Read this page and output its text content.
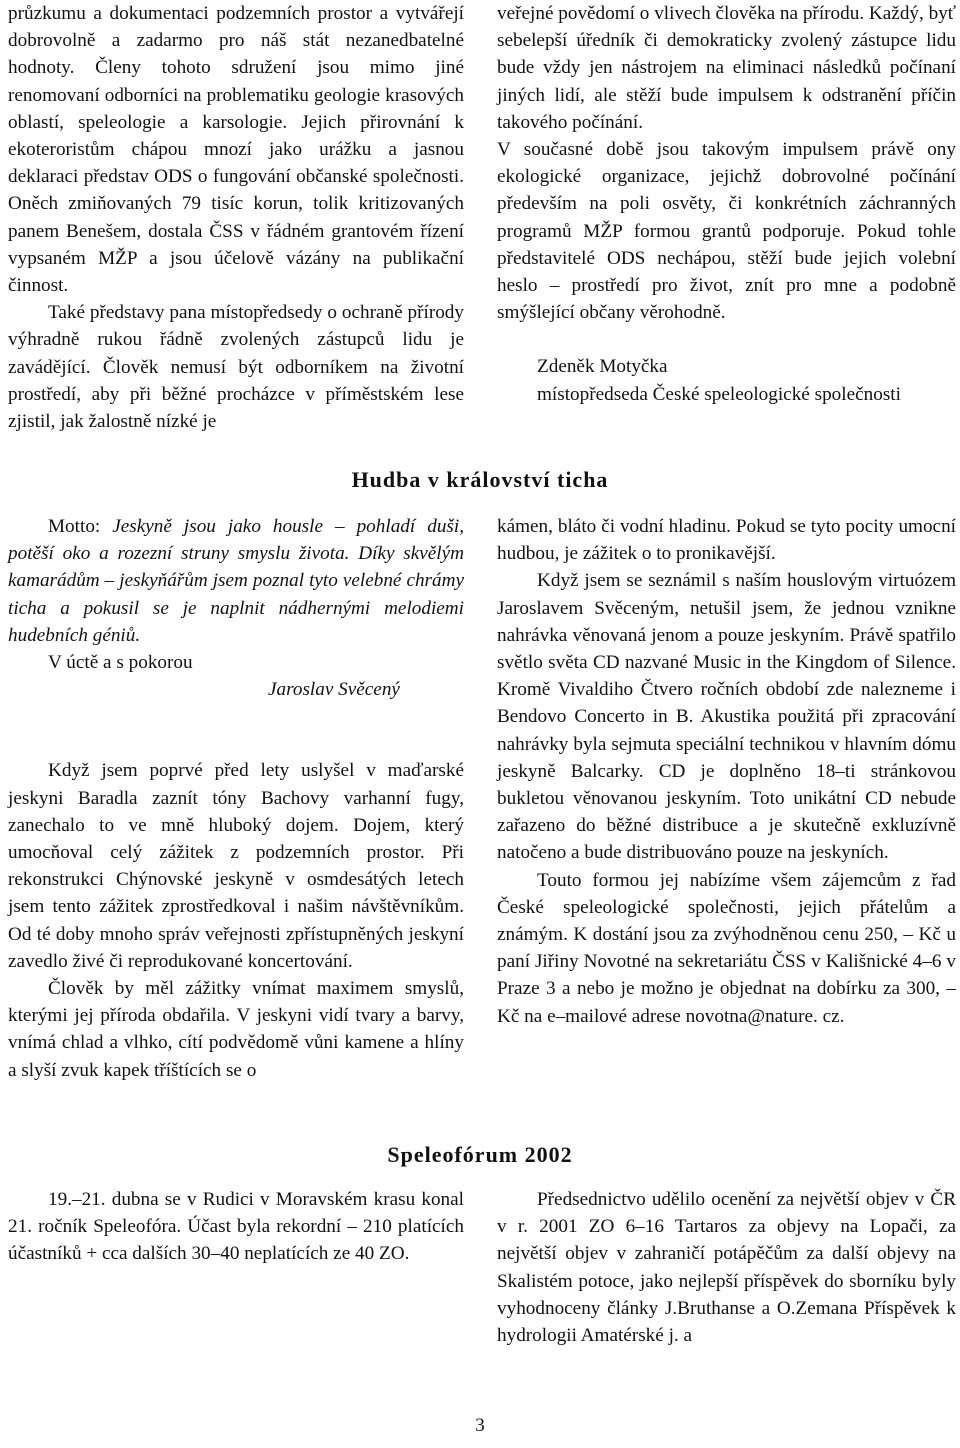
průzkumu a dokumentaci podzemních prostor a vytvářejí dobrovolně a zadarmo pro náš stát nezanedbatelné hodnoty. Členy tohoto sdružení jsou mimo jiné renomovaní odborníci na problematiku geologie krasových oblastí, speleologie a karsologie. Jejich přirovnání k ekoteroristům chápou mnozí jako urážku a jasnou deklaraci představ ODS o fungování občanské společnosti. Oněch zmiňovaných 79 tisíc korun, tolik kritizovaných panem Benešem, dostala ČSS v řádném grantovém řízení vypsaném MŽP a jsou účelově vázány na publikační činnost.

Také představy pana místopředsedy o ochraně přírody výhradně rukou řádně zvolených zástupců lidu je zavádějící. Člověk nemusí být odborníkem na životní prostředí, aby při běžné procházce v příměstském lese zjistil, jak žalostně nízké je

veřejné povědomí o vlivech člověka na přírodu. Každý, byť sebelepší úředník či demokraticky zvolený zástupce lidu bude vždy jen nástrojem na eliminaci následků počínaní jiných lidí, ale stěží bude impulsem k odstranění příčin takového počínání.

V současné době jsou takovým impulsem právě ony ekologické organizace, jejichž dobrovolné počínání především na poli osvěty, či konkrétních záchranných programů MŽP formou grantů podporuje. Pokud tohle představitelé ODS nechápou, stěží bude jejich volební heslo – prostředí pro život, znít pro mne a podobně smýšlející občany věrohodně.

Zdeněk Motyčka
místopředseda České speleologické společnosti
Hudba v království ticha

Motto: Jeskyně jsou jako housle – pohladí duši, potěší oko a rozezní struny smyslu života. Díky skvělým kamarádům – jeskyňářům jsem poznal tyto velebné chrámy ticha a pokusil se je naplnit nádhernými melodiemi hudebních géniů.

V úctě a s pokorou

Jaroslav Svěcený

Když jsem poprvé před lety uslyšel v maďarské jeskyni Baradla zaznít tóny Bachovy varhanní fugy, zanechalo to ve mně hluboký dojem. Dojem, který umocňoval celý zážitek z podzemních prostor. Při rekonstrukci Chýnovské jeskyně v osmdesátých letech jsem tento zážitek zprostředkoval i našim návštěvníkům. Od té doby mnoho správ veřejnosti zpřístupněných jeskyní zavedlo živé či reprodukované koncertování.

Člověk by měl zážitky vnímat maximem smyslů, kterými jej příroda obdařila. V jeskyni vidí tvary a barvy, vnímá chlad a vlhko, cítí podvědomě vůni kamene a hlíny a slyší zvuk kapek tříštících se o

kámen, bláto či vodní hladinu. Pokud se tyto pocity umocní hudbou, je zážitek o to pronikavější.

Když jsem se seznámil s naším houslovým virtuózem Jaroslavem Svěceným, netušil jsem, že jednou vznikne nahrávka věnovaná jenom a pouze jeskyním. Právě spatřilo světlo světa CD nazvané Music in the Kingdom of Silence. Kromě Vivaldiho Čtvero ročních období zde nalezneme i Bendovo Concerto in B. Akustika použitá při zpracování nahrávky byla sejmuta speciální technikou v hlavním dómu jeskyně Balcarky. CD je doplněno 18–ti stránkovou bukletou věnovanou jeskyním. Toto unikátní CD nebude zařazeno do běžné distribuce a je skutečně exkluzívně natočeno a bude distribuováno pouze na jeskyních.

Touto formou jej nabízíme všem zájemcům z řad České speleologické společnosti, jejich přátelům a známým. K dostání jsou za zvýhodněnou cenu 250, – Kč u paní Jiřiny Novotné na sekretariátu ČSS v Kališnické 4–6 v Praze 3 a nebo je možno je objednat na dobírku za 300, – Kč na e–mailové adrese novotna@nature. cz.

Speleofórum 2002

19.–21. dubna se v Rudici v Moravském krasu konal 21. ročník Speleofóra. Účast byla rekordní – 210 platících účastníků + cca dalších 30–40 neplatících ze 40 ZO.

Předsednictvo udělilo ocenění za největší objev v ČR v r. 2001 ZO 6–16 Tartaros za objevy na Lopači, za největší objev v zahraničí potápěčům za další objevy na Skalistém potoce, jako nejlepší příspěvek do sborníku byly vyhodnoceny články J.Bruthanse a O.Zemana Příspěvek k hydrologii Amatérské j. a

3
